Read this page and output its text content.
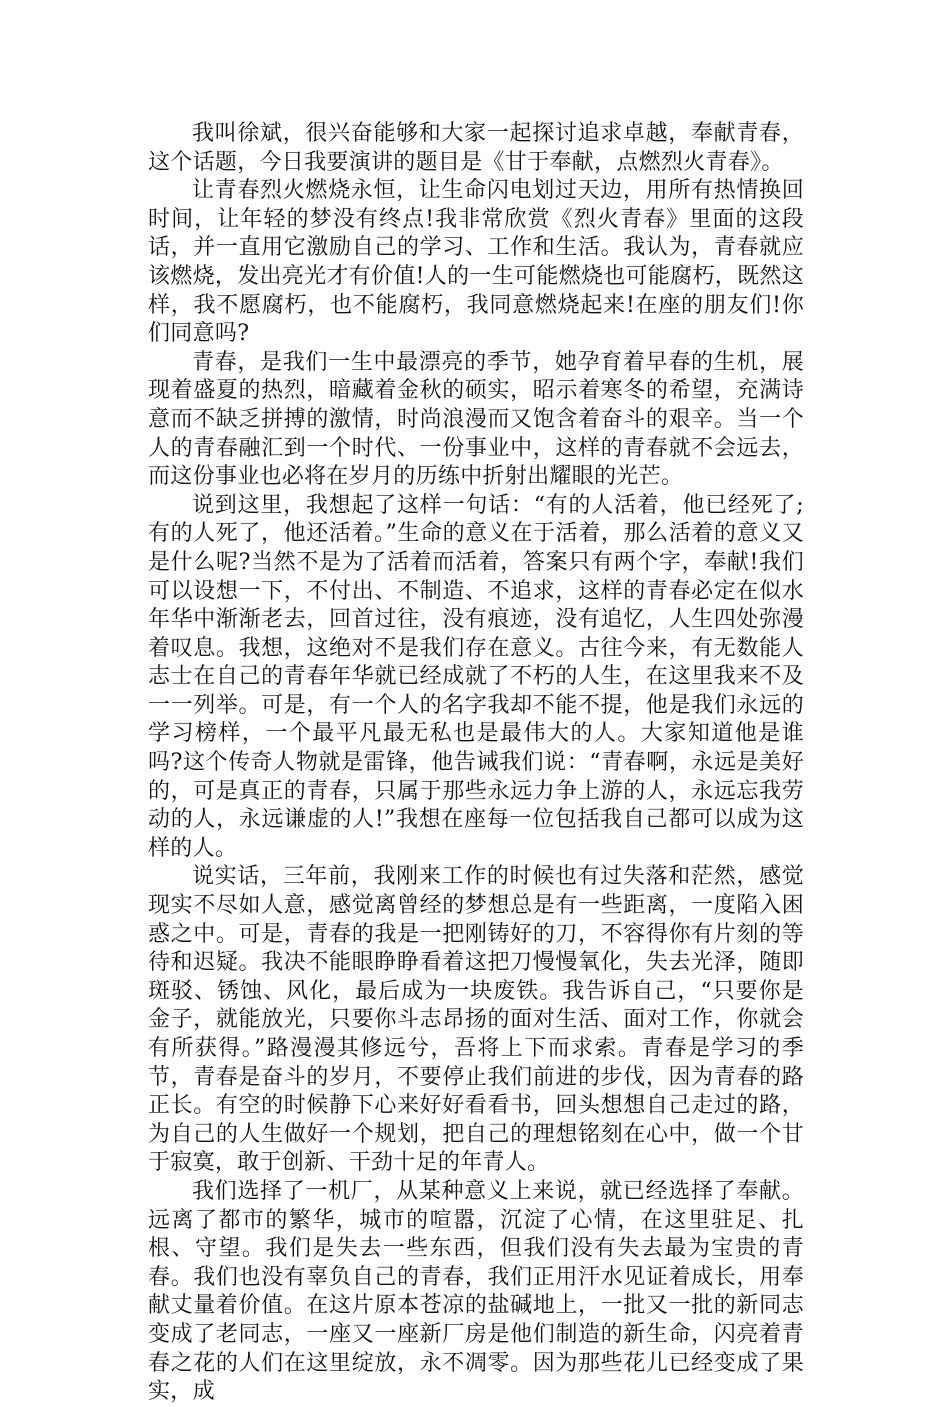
我叫徐斌，很兴奋能够和大家一起探讨追求卓越，奉献青春，这个话题，今日我要演讲的题目是《甘于奉献，点燃烈火青春》。

让青春烈火燃烧永恒，让生命闪电划过天边，用所有热情换回时间，让年轻的梦没有终点!我非常欣赏《烈火青春》里面的这段话，并一直用它激励自己的学习、工作和生活。我认为，青春就应该燃烧，发出亮光才有价值!人的一生可能燃烧也可能腐朽，既然这样，我不愿腐朽，也不能腐朽，我同意燃烧起来!在座的朋友们!你们同意吗?

青春，是我们一生中最漂亮的季节，她孕育着早春的生机，展现着盛夏的热烈，暗藏着金秋的硕实，昭示着寒冬的希望，充满诗意而不缺乏拼搏的激情，时尚浪漫而又饱含着奋斗的艰辛。当一个人的青春融汇到一个时代、一份事业中，这样的青春就不会远去，而这份事业也必将在岁月的历练中折射出耀眼的光芒。

说到这里，我想起了这样一句话：“有的人活着，他已经死了;有的人死了，他还活着。”生命的意义在于活着，那么活着的意义又是什么呢?当然不是为了活着而活着，答案只有两个字，奉献!我们可以设想一下，不付出、不制造、不追求，这样的青春必定在似水年华中渐渐老去，回首过往，没有痕迹，没有追忆，人生四处弥漫着叹息。我想，这绝对不是我们存在意义。古往今来，有无数能人志士在自己的青春年华就已经成就了不朽的人生，在这里我来不及一一列举。可是，有一个人的名字我却不能不提，他是我们永远的学习榜样，一个最平凡最无私也是最伟大的人。大家知道他是谁吗?这个传奇人物就是雷锋，他告诫我们说：“青春啊，永远是美好的，可是真正的青春，只属于那些永远力争上游的人，永远忘我劳动的人，永远谦虚的人!”我想在座每一位包括我自己都可以成为这样的人。

说实话，三年前，我刚来工作的时候也有过失落和茫然，感觉现实不尽如人意，感觉离曾经的梦想总是有一些距离，一度陷入困惑之中。可是，青春的我是一把刚铸好的刀，不容得你有片刻的等待和迟疑。我决不能眼睁睁看着这把刀慢慢氧化，失去光泽，随即斑驳、锈蚀、风化，最后成为一块废铁。我告诉自己，“只要你是金子，就能放光，只要你斗志昂扬的面对生活、面对工作，你就会有所获得。”路漫漫其修远兮，吾将上下而求索。青春是学习的季节，青春是奋斗的岁月，不要停止我们前进的步伐，因为青春的路正长。有空的时候静下心来好好看看书，回头想想自己走过的路，为自己的人生做好一个规划，把自己的理想铭刻在心中，做一个甘于寂寞，敢于创新、干劲十足的年青人。

我们选择了一机厂，从某种意义上来说，就已经选择了奉献。远离了都市的繁华，城市的喧嚣，沉淀了心情，在这里驻足、扎根、守望。我们是失去一些东西，但我们没有失去最为宝贵的青春。我们也没有辜负自己的青春，我们正用汗水见证着成长，用奉献丈量着价值。在这片原本苍凉的盐碱地上，一批又一批的新同志变成了老同志，一座又一座新厂房是他们制造的新生命，闪亮着青春之花的人们在这里绽放，永不凋零。因为那些花儿已经变成了果实，成
